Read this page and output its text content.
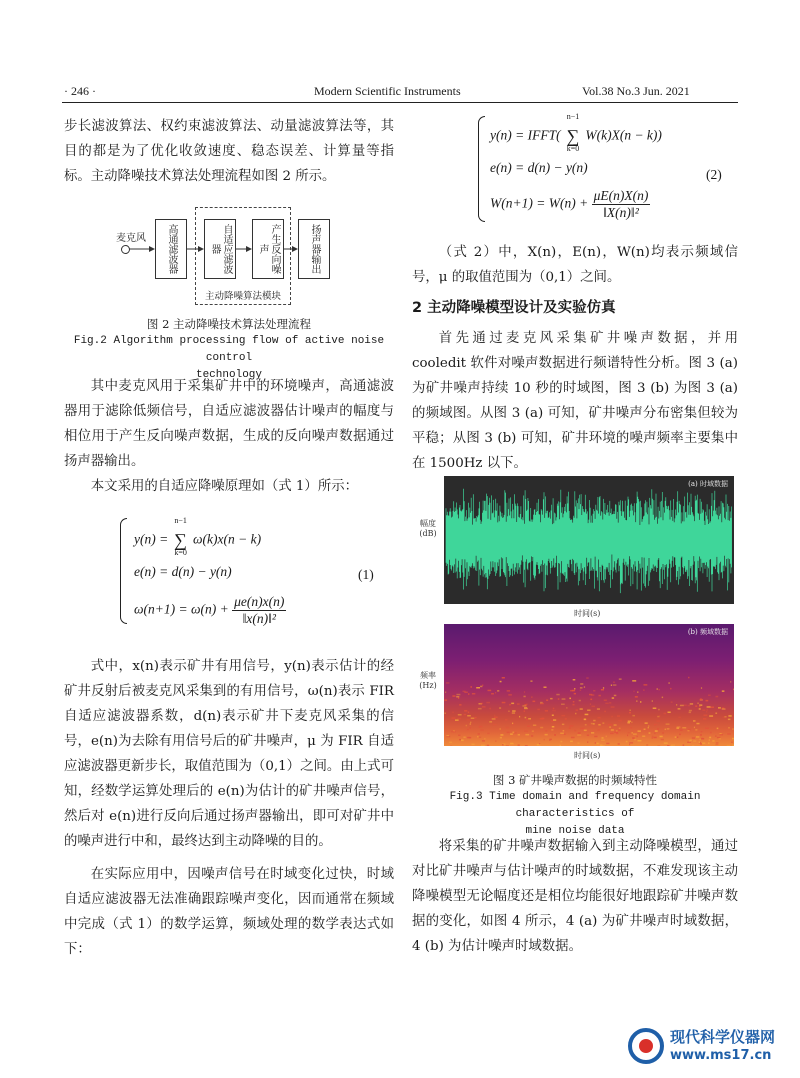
· 246 ·	Modern Scientific Instruments	Vol.38 No.3 Jun. 2021

步长滤波算法、权约束滤波算法、动量滤波算法等，其目的都是为了优化收敛速度、稳态误差、计算量等指标。主动降噪技术算法处理流程如图 2 所示。

麦克风	高通滤波器	自适应滤波器	产生反向噪声	扬声器输出
主动降噪算法模块
图 2 主动降噪技术算法处理流程
Fig.2 Algorithm processing flow of active noise control
technology

其中麦克风用于采集矿井中的环境噪声，高通滤波器用于滤除低频信号，自适应滤波器估计噪声的幅度与相位用于产生反向噪声数据，生成的反向噪声数据通过扬声器输出。

本文采用的自适应降噪原理如（式 1）所示：

y(n) =
n−1
∑
k=0
ω(k)x(n − k)
e(n) = d(n) − y(n)
$\omega(n+1) = \omega(n) + \frac{\mu e(n)x(n)}{\text{‖x(n)‖²}}$
(1)

式中，x(n)表示矿井有用信号，y(n)表示估计的经矿井反射后被麦克风采集到的有用信号，ω(n)表示 FIR 自适应滤波器系数，d(n)表示矿井下麦克风采集的信号，e(n)为去除有用信号后的矿井噪声，μ 为 FIR 自适应滤波器更新步长，取值范围为（0,1）之间。由上式可知，经数学运算处理后的 e(n)为估计的矿井噪声信号，然后对 e(n)进行反向后通过扬声器输出，即可对矿井中的噪声进行中和，最终达到主动降噪的目的。

在实际应用中，因噪声信号在时域变化过快，时域自适应滤波器无法准确跟踪噪声变化，因而通常在频域中完成（式 1）的数学运算，频域处理的数学表达式如下：

y(n) = IFFT(
n−1
∑
k=0
W(k)X(n − k))
e(n) = d(n) − y(n)
$W(n+1) = W(n) + \frac{\mu E(n)X(n)}{\text{‖X(n)‖²}}$
(2)

（式 2）中，X(n)，E(n)，W(n)均表示频域信号，μ 的取值范围为（0,1）之间。

2 主动降噪模型设计及实验仿真

首先通过麦克风采集矿井噪声数据，并用 cooledit 软件对噪声数据进行频谱特性分析。图 3 (a)为矿井噪声持续 10 秒的时域图，图 3 (b) 为图 3 (a)的频域图。从图 3 (a) 可知，矿井噪声分布密集但较为平稳；从图 3 (b) 可知，矿井环境的噪声频率主要集中在 1500Hz 以下。

幅度(dB)
(a) 时域数据
时间(s)
频率(Hz)
(b) 频域数据
时间(s)
图 3 矿井噪声数据的时频域特性
Fig.3 Time domain and frequency domain characteristics of
mine noise data

将采集的矿井噪声数据输入到主动降噪模型，通过对比矿井噪声与估计噪声的时域数据，不难发现该主动降噪模型无论幅度还是相位均能很好地跟踪矿井噪声数据的变化，如图 4 所示，4 (a) 为矿井噪声时域数据，4 (b) 为估计噪声时域数据。

现代科学仪器网
www.ms17.cn
